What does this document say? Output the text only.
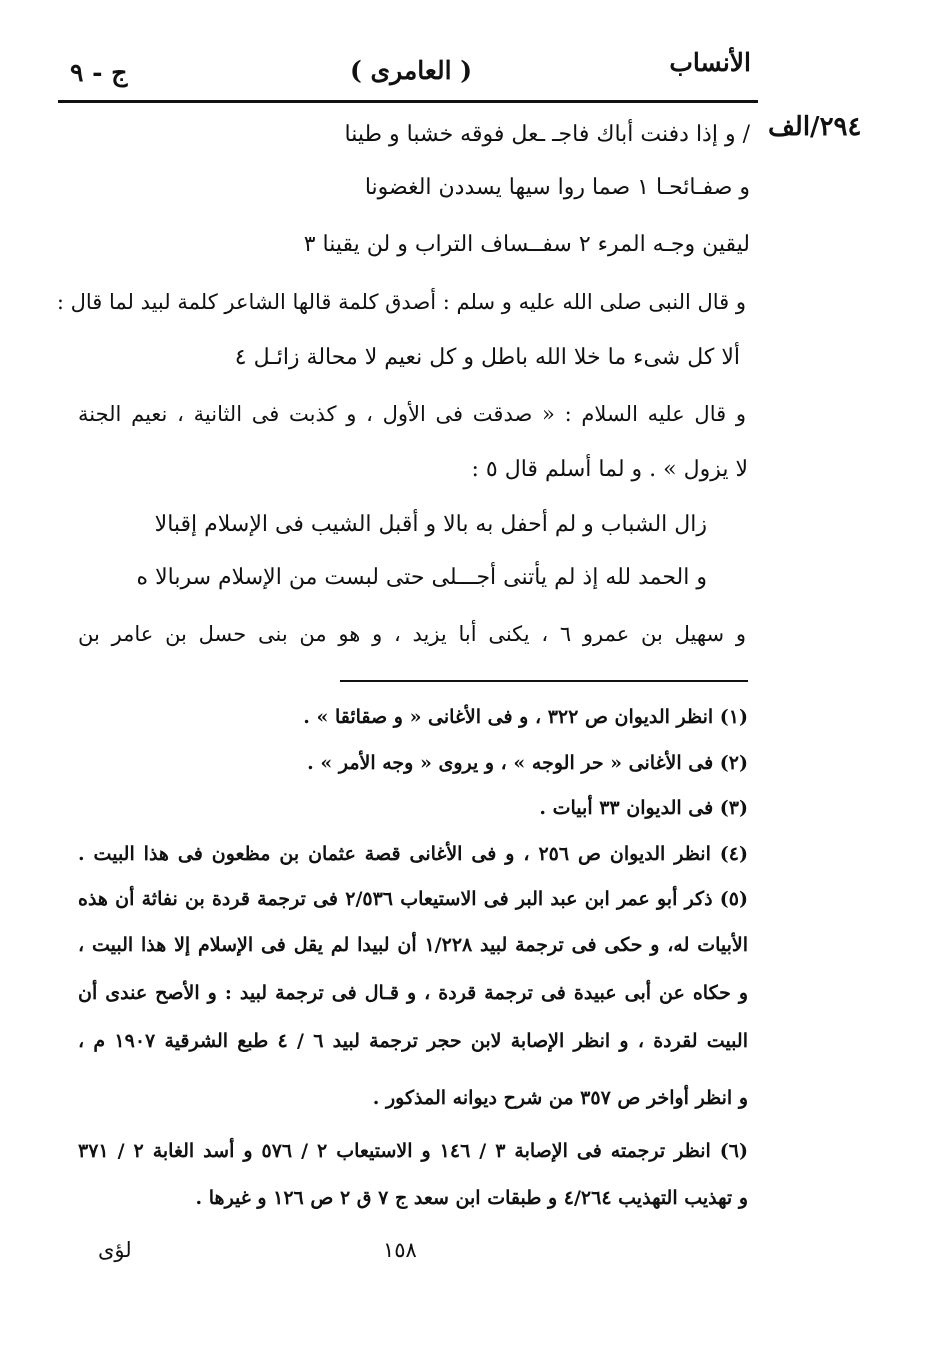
الأنساب
( العامرى )
ج - ٩
٢٩٤/الف
/ و إذا دفنت أباك فاجـ ـعل فوقه خشبا و طينا
و صفـائحـا ١ صما روا سيها يسددن الغضونا
ليقين وجـه المرء ٢ سفــساف التراب و لن يقينا ٣
و قال النبى صلى الله عليه و سلم : أصدق كلمة قالها الشاعر كلمة لبيد لما قال :
ألا كل شىء ما خلا الله باطل و كل نعيم لا محالة زائـل ٤
و قال عليه السلام : « صدقت فى الأول ، و كذبت فى الثانية ، نعيم الجنة
لا يزول » . و لما أسلم قال ٥ :
زال الشباب و لم أحفل به بالا و أقبل الشيب فى الإسلام إقبالا
و الحمد لله إذ لم يأتنى أجـــلى حتى لبست من الإسلام سربالا ه
و سهيل بن عمرو ٦ ، يكنى أبا يزيد ، و هو من بنى حسل بن عامر بن
(١) انظر الديوان ص ٣٢٢ ، و فى الأغانى « و صقائقا » .
(٢) فى الأغانى « حر الوجه » ، و يروى « وجه الأمر » .
(٣) فى الديوان ٣٣ أبيات .
(٤) انظر الديوان ص ٢٥٦ ، و فى الأغانى قصة عثمان بن مظعون فى هذا البيت .
(٥) ذكر أبو عمر ابن عبد البر فى الاستيعاب ٢/٥٣٦ فى ترجمة قردة بن نفاثة أن هذه
الأبيات له، و حكى فى ترجمة لبيد ١/٢٢٨ أن لبيدا لم يقل فى الإسلام إلا هذا البيت ،
و حكاه عن أبى عبيدة فى ترجمة قردة ، و قـال فى ترجمة لبيد : و الأصح عندى أن
البيت لقردة ، و انظر الإصابة لابن حجر ترجمة لبيد ٦ / ٤ طبع الشرقية ١٩٠٧ م ،
و انظر أواخر ص ٣٥٧ من شرح ديوانه المذكور .
(٦) انظر ترجمته فى الإصابة ٣ / ١٤٦ و الاستيعاب ٢ / ٥٧٦ و أسد الغابة ٢ / ٣٧١
و تهذيب التهذيب ٤/٢٦٤ و طبقات ابن سعد ج ٧ ق ٢ ص ١٢٦ و غيرها .
١٥٨
لؤى
